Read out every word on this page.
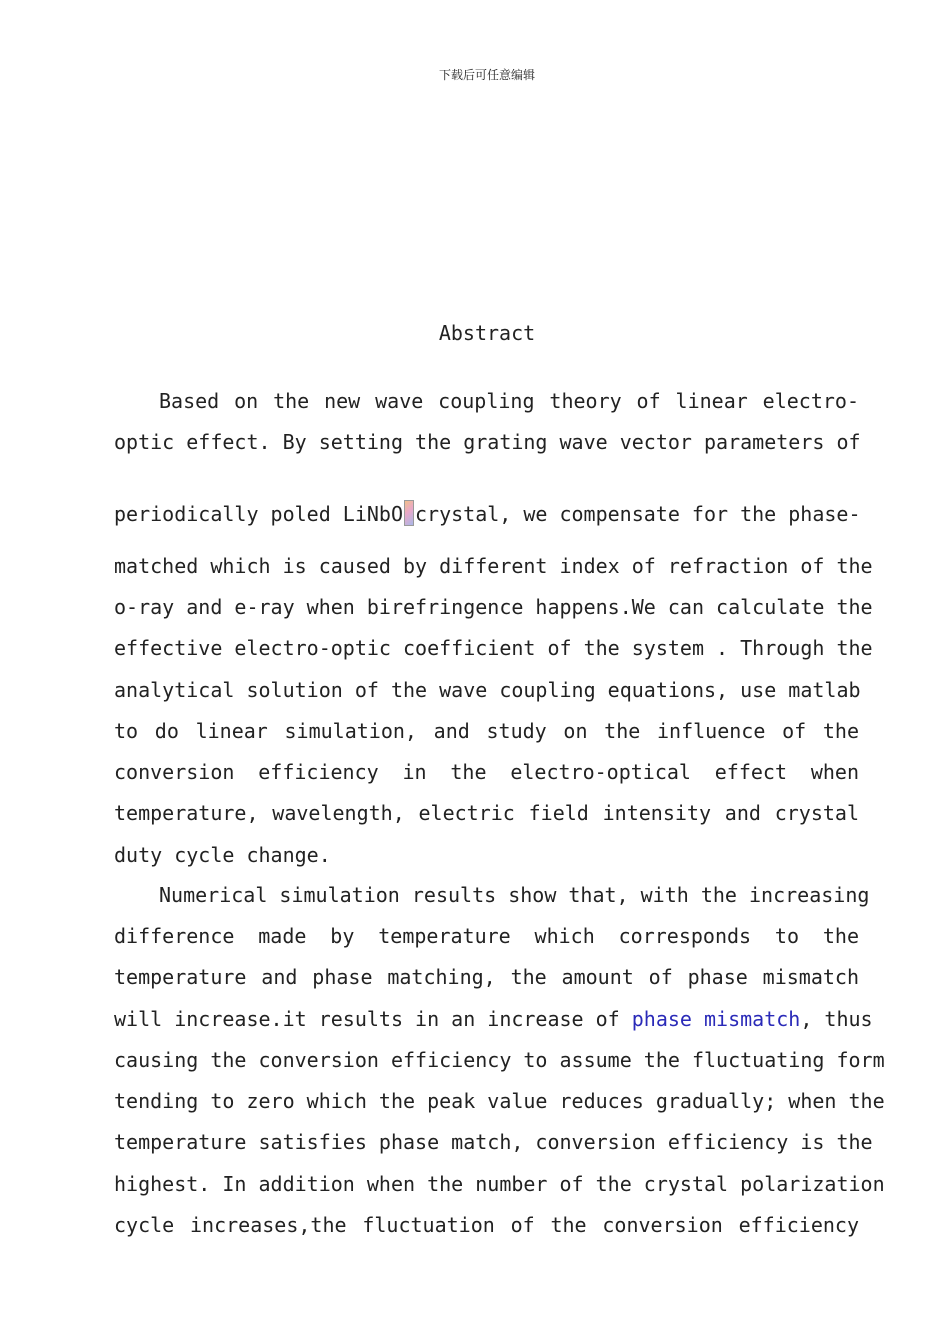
下载后可任意编辑
Abstract
Based on the new wave coupling theory of linear electro-
optic effect. By setting the grating wave vector parameters of
periodically poled LiNbO crystal, we compensate for the phase-
matched which is caused by different index of refraction of the
o-ray and e-ray when birefringence happens.We can calculate the
effective electro-optic coefficient of the system . Through the
analytical solution of the wave coupling equations, use matlab
to do linear simulation, and study on the influence of the
conversion efficiency in the electro-optical effect when
temperature, wavelength, electric field intensity and crystal
duty cycle change.
Numerical simulation results show that, with the increasing
difference made by temperature which corresponds to the
temperature and phase matching, the amount of phase mismatch
will increase.it results in an increase of phase mismatch, thus
causing the conversion efficiency to assume the fluctuating form
tending to zero which the peak value reduces gradually; when the
temperature satisfies phase match, conversion efficiency is the
highest. In addition when the number of the crystal polarization
cycle increases,the fluctuation of the conversion efficiency
